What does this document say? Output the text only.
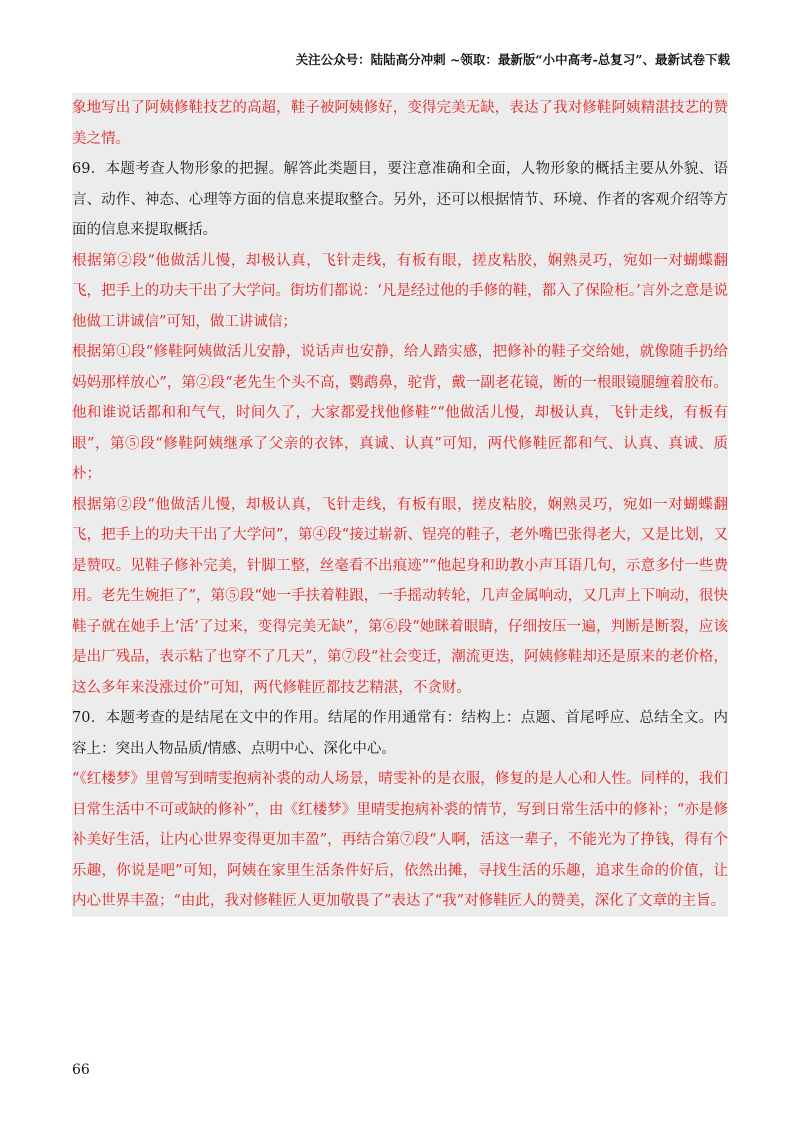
关注公众号：陆陆高分冲刺 ~领取：最新版“小中高考-总复习”、最新试卷下载

象地写出了阿姨修鞋技艺的高超，鞋子被阿姨修好，变得完美无缺，表达了我对修鞋阿姨精湛技艺的赞美之情。

69．本题考查人物形象的把握。解答此类题目，要注意准确和全面，人物形象的概括主要从外貌、语言、动作、神态、心理等方面的信息来提取整合。另外，还可以根据情节、环境、作者的客观介绍等方面的信息来提取概括。

根据第②段“他做活儿慢，却极认真，飞针走线，有板有眼，搓皮粘胶，娴熟灵巧，宛如一对蝴蝶翻飞，把手上的功夫干出了大学问。街坊们都说：‘凡是经过他的手修的鞋，都入了保险柜。’言外之意是说他做工讲诚信”可知，做工讲诚信；

根据第①段“修鞋阿姨做活儿安静，说话声也安静，给人踏实感，把修补的鞋子交给她，就像随手扔给妈妈那样放心”，第②段“老先生个头不高，鹦鹉鼻，驼背，戴一副老花镜，断的一根眼镜腿缠着胶布。他和谁说话都和和气气，时间久了，大家都爱找他修鞋”“他做活儿慢，却极认真，飞针走线，有板有眼”，第⑤段“修鞋阿姨继承了父亲的衣钵，真诚、认真”可知，两代修鞋匠都和气、认真、真诚、质朴；

根据第②段“他做活儿慢，却极认真，飞针走线，有板有眼，搓皮粘胶，娴熟灵巧，宛如一对蝴蝶翻飞，把手上的功夫干出了大学问”，第④段“接过崭新、锃亮的鞋子，老外嘴巴张得老大，又是比划，又是赞叹。见鞋子修补完美，针脚工整，丝毫看不出痕迹”“他起身和助教小声耳语几句，示意多付一些费用。老先生婉拒了”，第⑤段“她一手扶着鞋跟，一手摇动转轮，几声金属响动，又几声上下响动，很快鞋子就在她手上‘活’了过来，变得完美无缺”，第⑥段“她眯着眼睛，仔细按压一遍，判断是断裂，应该是出厂残品，表示粘了也穿不了几天”，第⑦段“社会变迁，潮流更迭，阿姨修鞋却还是原来的老价格，这么多年来没涨过价”可知，两代修鞋匠都技艺精湛，不贪财。

70．本题考查的是结尾在文中的作用。结尾的作用通常有：结构上：点题、首尾呼应、总结全文。内容上：突出人物品质/情感、点明中心、深化中心。

“《红楼梦》里曾写到晴雯抱病补裘的动人场景，晴雯补的是衣服，修复的是人心和人性。同样的，我们日常生活中不可或缺的修补”，由《红楼梦》里晴雯抱病补裘的情节，写到日常生活中的修补；“亦是修补美好生活，让内心世界变得更加丰盈”，再结合第⑦段“人啊，活这一辈子，不能光为了挣钱，得有个乐趣，你说是吧”可知，阿姨在家里生活条件好后，依然出摊，寻找生活的乐趣，追求生命的价值，让内心世界丰盈；“由此，我对修鞋匠人更加敬畏了”表达了“我”对修鞋匠人的赞美，深化了文章的主旨。

66
